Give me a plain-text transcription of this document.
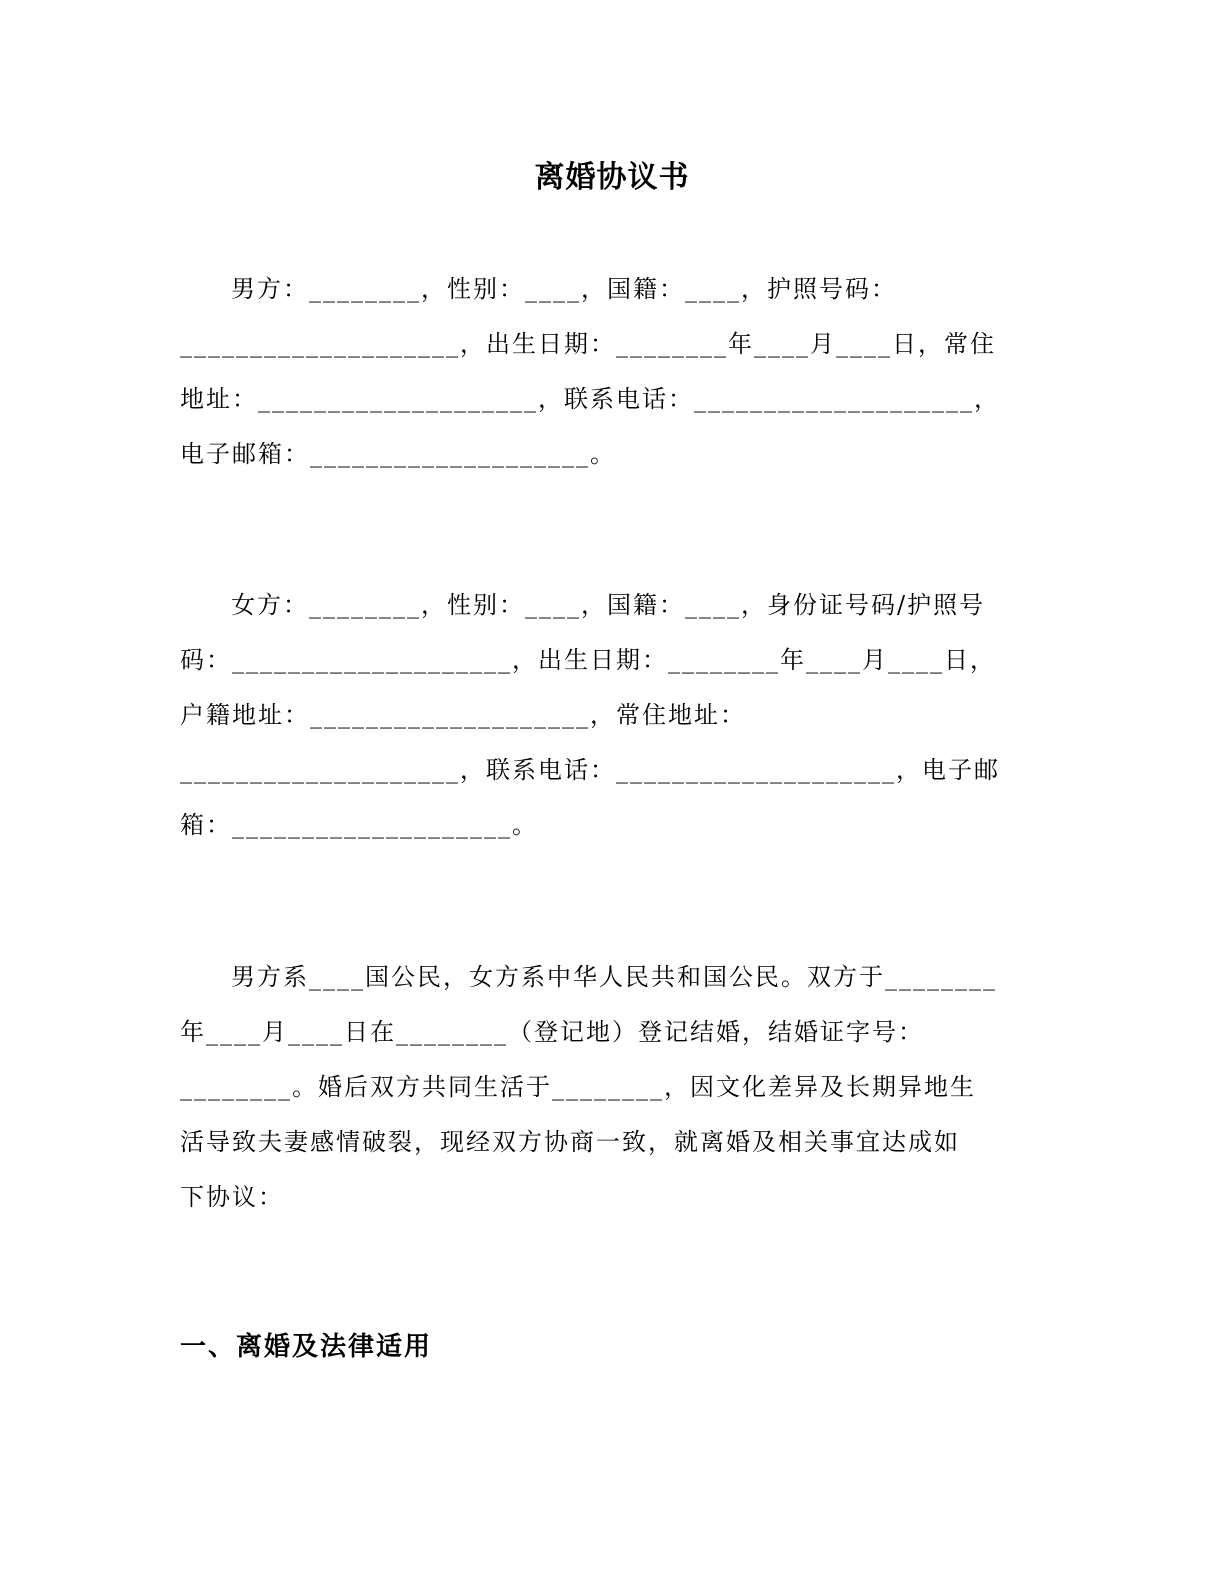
离婚协议书
男方：________，性别：____，国籍：____，护照号码：
____________________，出生日期：________年____月____日，常住
地址：____________________，联系电话：____________________，
电子邮箱：____________________。
女方：________，性别：____，国籍：____，身份证号码/护照号
码：____________________，出生日期：________年____月____日，
户籍地址：____________________，常住地址：
____________________，联系电话：____________________，电子邮
箱：____________________。
男方系____国公民，女方系中华人民共和国公民。双方于________
年____月____日在________（登记地）登记结婚，结婚证字号：
________。婚后双方共同生活于________，因文化差异及长期异地生
活导致夫妻感情破裂，现经双方协商一致，就离婚及相关事宜达成如
下协议：
一、离婚及法律适用
